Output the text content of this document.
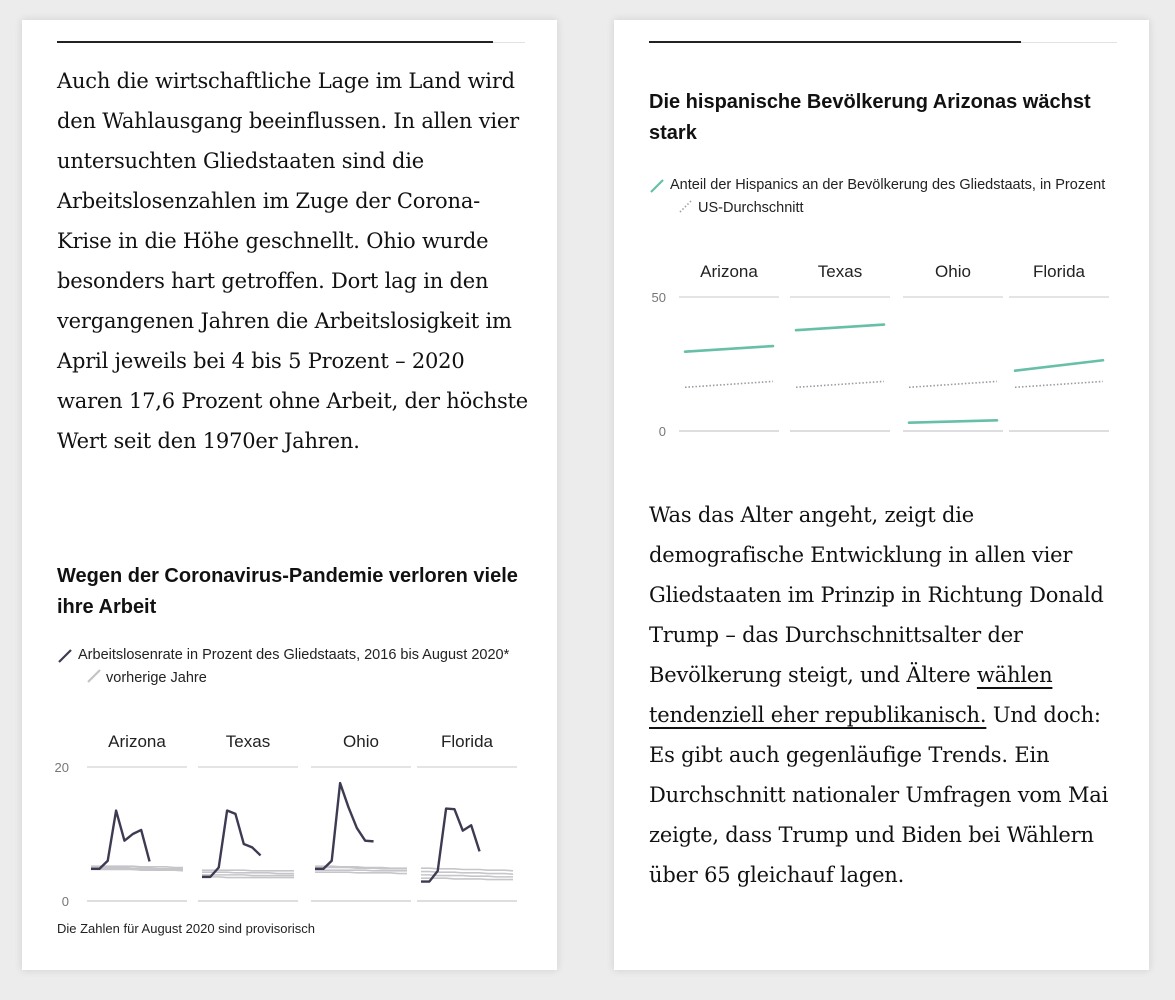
Auch die wirtschaftliche Lage im Land wird den Wahlausgang beeinflussen. In allen vier untersuchten Gliedstaaten sind die Arbeitslosenzahlen im Zuge der Corona-Krise in die Höhe geschnellt. Ohio wurde besonders hart getroffen. Dort lag in den vergangenen Jahren die Arbeitslosigkeit im April jeweils bei 4 bis 5 Prozent – 2020 waren 17,6 Prozent ohne Arbeit, der höchste Wert seit den 1970er Jahren.
Wegen der Coronavirus-Pandemie verloren viele ihre Arbeit
Arbeitslosenrate in Prozent des Gliedstaats, 2016 bis August 2020*  vorherige Jahre
20
0
Arizona	Texas	Ohio	Florida
Die Zahlen für August 2020 sind provisorisch
Die hispanische Bevölkerung Arizonas wächst stark
Anteil der Hispanics an der Bevölkerung des Gliedstaats, in Prozent  US-Durchschnitt
50
0
Arizona	Texas	Ohio	Florida
Was das Alter angeht, zeigt die demografische Entwicklung in allen vier Gliedstaaten im Prinzip in Richtung Donald Trump – das Durchschnittsalter der Bevölkerung steigt, und Ältere wählen tendenziell eher republikanisch. Und doch: Es gibt auch gegenläufige Trends. Ein Durchschnitt nationaler Umfragen vom Mai zeigte, dass Trump und Biden bei Wählern über 65 gleichauf lagen.
